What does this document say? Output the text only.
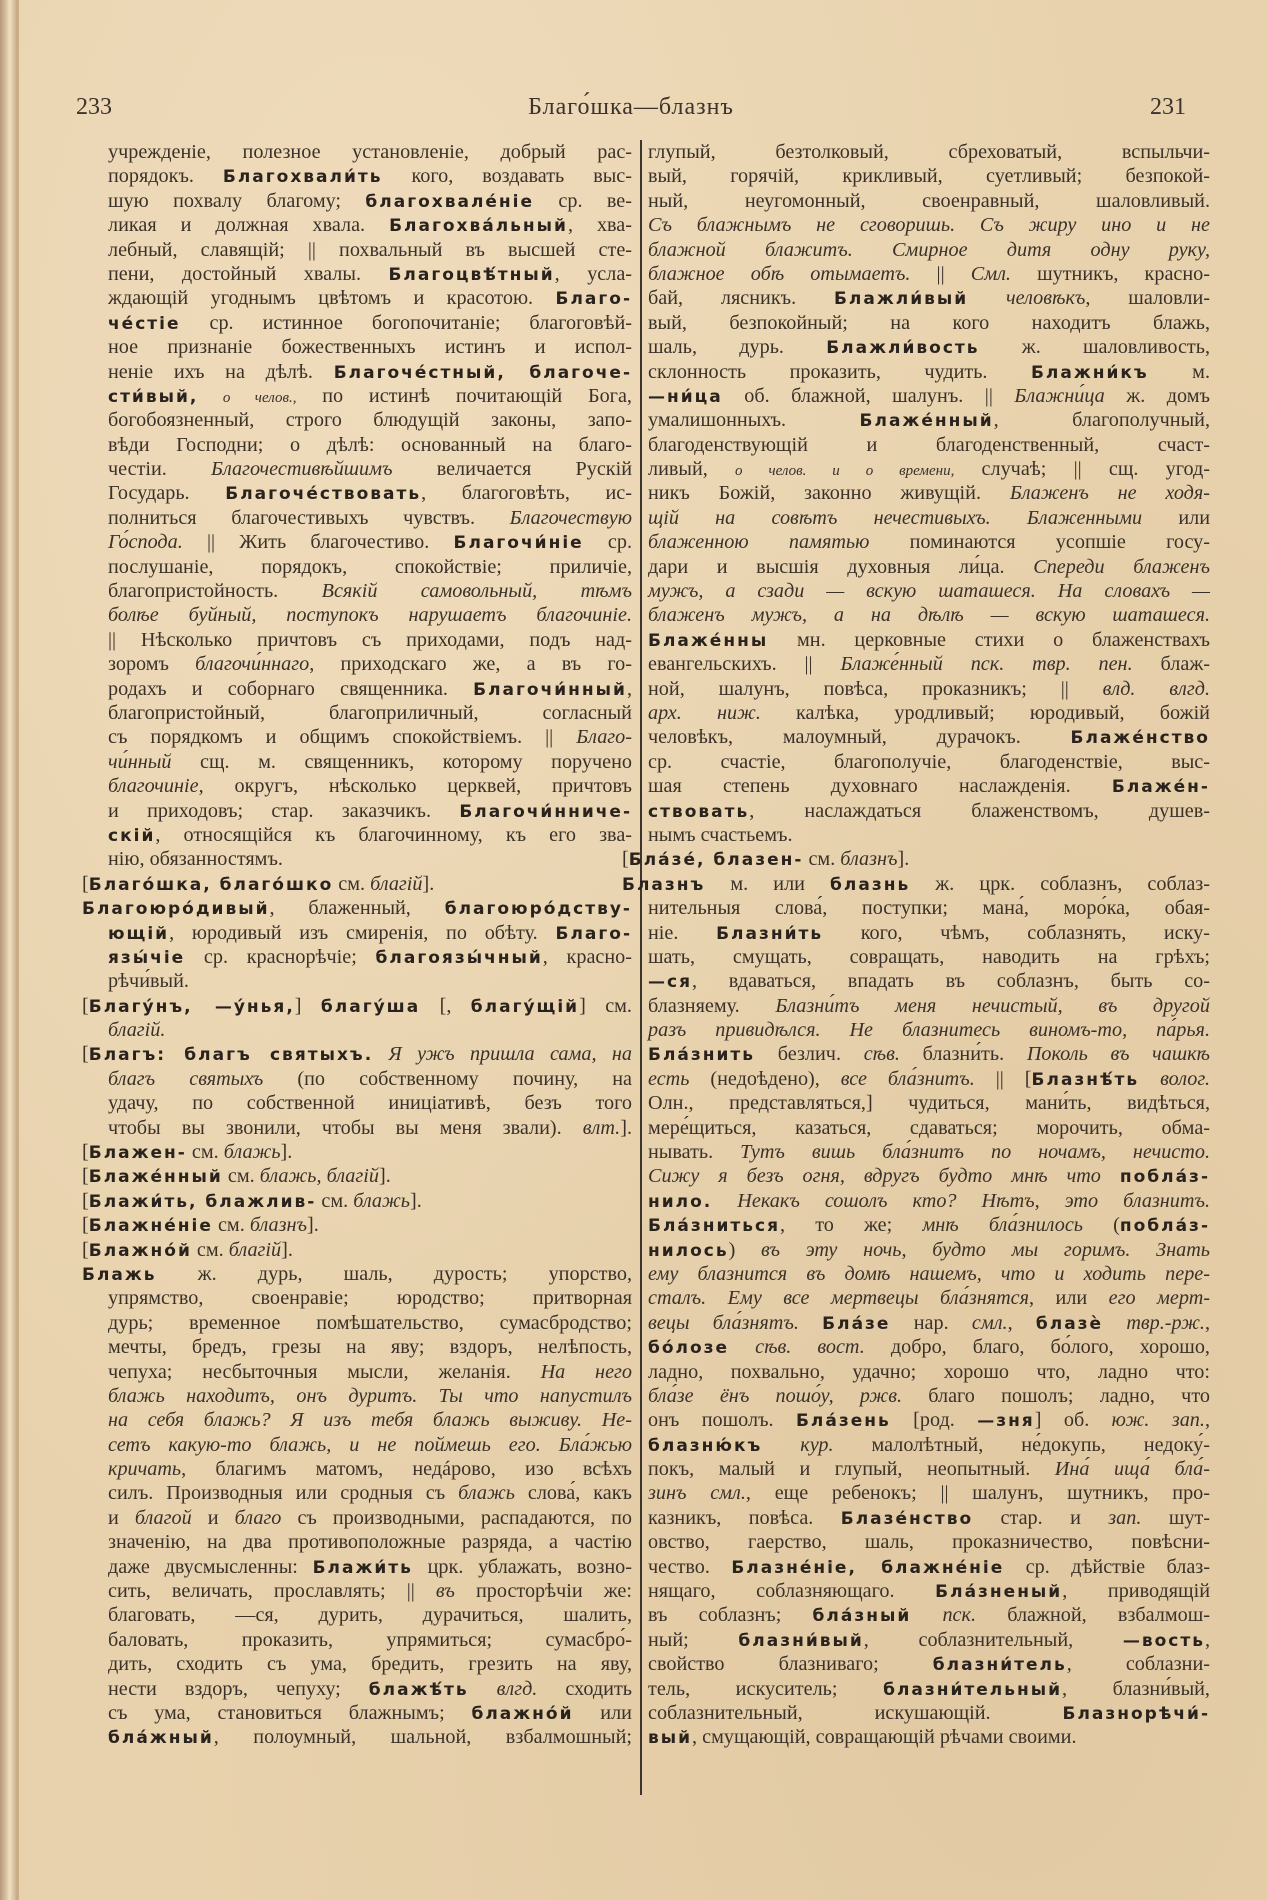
233	Благо́шка—блазнъ	231
учрежденіе, полезное установленіе, добрый рас-
порядокъ. Благохвали́ть кого, воздавать выс-
шую похвалу благому; благохвале́ніе ср. ве-
ликая и должная хвала. Благохва́льный, хва-
лебный, славящій; || похвальный въ высшей сте-
пени, достойный хвалы. Благоцвѣ́тный, усла-
ждающій угоднымъ цвѣтомъ и красотою. Благо-
че́стіе ср. истинное богопочитаніе; благоговѣй-
ное признаніе божественныхъ истинъ и испол-
неніе ихъ на дѣлѣ. Благоче́стный, благоче-
сти́вый, о челов., по истинѣ почитающій Бога,
богобоязненный, строго блюдущій законы, запо-
вѣди Господни; о дѣлѣ: основанный на благо-
честіи. Благочестивѣйшимъ величается Рускій
Государь. Благоче́ствовать, благоговѣть, ис-
полниться благочестивыхъ чувствъ. Благочествую
Го́спода. || Жить благочестиво. Благочи́ніе ср.
послушаніе, порядокъ, спокойствіе; приличіе,
благопристойность. Всякій самовольный, тѣмъ
болѣе буйный, поступокъ нарушаетъ благочиніе.
|| Нѣсколько причтовъ съ приходами, подъ над-
зоромъ благочи́ннаго, приходскаго же, а въ го-
родахъ и соборнаго священника. Благочи́нный,
благопристойный, благоприличный, согласный
съ порядкомъ и общимъ спокойствіемъ. || Благо-
чи́нный сщ. м. священникъ, которому поручено
благочиніе, округъ, нѣсколько церквей, причтовъ
и приходовъ; стар. заказчикъ. Благочи́нниче-
скій, относящійся къ благочинному, къ его зва-
нію, обязанностямъ.
[Благо́шка, благо́шко см. благій].
Благоюро́дивый, блаженный, благоюро́дству-
ющій, юродивый изъ смиренія, по обѣту. Благо-
язы́чіе ср. краснорѣчіе; благоязы́чный, красно-
рѣчи́вый.
[Благу́нъ, —у́нья,] благу́ша [, благу́щій] см.
благій.
[Благъ: благъ святыхъ. Я ужъ пришла сама, на
благъ святыхъ (по собственному почину, на
удачу, по собственной иниціативѣ, безъ того
чтобы вы звонили, чтобы вы меня звали). влт.].
[Блажен- см. блажь].
[Блаже́нный см. блажь, благій].
[Блажи́ть, блажлив- см. блажь].
[Блажне́ніе см. блазнъ].
[Блажно́й см. благій].
Блажь ж. дурь, шаль, дурость; упорство,
упрямство, своенравіе; юродство; притворная
дурь; временное помѣшательство, сумасбродство;
мечты, бредъ, грезы на яву; вздоръ, нелѣпость,
чепуха; несбыточныя мысли, желанія. На него
блажь находитъ, онъ дуритъ. Ты что напустилъ
на себя блажь? Я изъ тебя блажь выживу. Не-
сетъ какую-то блажь, и не поймешь его. Бла́жью
кричать, благимъ матомъ, недáрово, изо всѣхъ
силъ. Производныя или сродныя съ блажь слова́, какъ
и благой и благо съ производными, распадаются, по
значенію, на два противоположные разряда, а частію
даже двусмысленны: Блажи́ть црк. ублажать, возно-
сить, величать, прославлять; || въ просторѣчіи же:
благовать, —ся, дурить, дурачиться, шалить,
баловать, проказить, упрямиться; сумасбро́-
дить, сходить съ ума, бредить, грезить на яву,
нести вздоръ, чепуху; блажѣ́ть влгд. сходить
съ ума, становиться блажнымъ; блажно́й или
бла́жный, полоумный, шальной, взбалмошный;
глупый, безтолковый, сбреховатый, вспыльчи-
вый, горячій, крикливый, суетливый; безпокой-
ный, неугомонный, своенравный, шаловливый.
Съ блажнымъ не сговоришь. Съ жиру ино и не
блажной блажитъ. Смирное дитя одну руку,
блажное обѣ отымаетъ. || Смл. шутникъ, красно-
бай, лясникъ. Блажли́вый человѣкъ, шаловли-
вый, безпокойный; на кого находитъ блажь,
шаль, дурь. Блажли́вость ж. шаловливость,
склонность проказить, чудить. Блажни́къ м.
—ни́ца об. блажной, шалунъ. || Блажни́ца ж. домъ
умалишонныхъ. Блаже́нный, благополучный,
благоденствующій и благоденственный, счаст-
ливый, о челов. и о времени, случаѣ; || сщ. угод-
никъ Божій, законно живущій. Блаженъ не ходя-
щій на совѣтъ нечестивыхъ. Блаженными или
блаженною памятью поминаются усопшіе госу-
дари и высшія духовныя ли́ца. Спереди блаженъ
мужъ, а сзади — вскую шаташеся. На словахъ —
блаженъ мужъ, а на дѣлѣ — вскую шаташеся.
Блаже́нны мн. церковные стихи о блаженствахъ
евангельскихъ. || Блаже́нный пск. твр. пен. блаж-
ной, шалунъ, повѣса, проказникъ; || влд. влгд.
арх. ниж. калѣка, уродливый; юродивый, божій
человѣкъ, малоумный, дурачокъ. Блаже́нство
ср. счастіе, благополучіе, благоденствіе, выс-
шая степень духовнаго наслажденія. Блаже́н-
ствовать, наслаждаться блаженствомъ, душев-
нымъ счастьемъ.
[Бла́зе́, блазен- см. блазнъ].
Блазнъ м. или блазнь ж. црк. соблазнъ, соблаз-
нительныя слова́, поступки; мана́, моро́ка, обая-
ніе. Блазни́ть кого, чѣмъ, соблазнять, иску-
шать, смущать, совращать, наводить на грѣхъ;
—ся, вдаваться, впадать въ соблазнъ, быть со-
блазняему. Блазни́тъ меня нечистый, въ другой
разъ привидѣлся. Не блазнитесь виномъ-то, па́рья.
Бла́знить безлич. сѣв. блазни́ть. Поколь въ чашкѣ
есть (недоѣдено), все бла́знитъ. || [Блазнѣ́ть волог.
Олн., представляться,] чудиться, мани́ть, видѣться,
мере́щиться, казаться, сдаваться; морочить, обма-
нывать. Тутъ вишь бла́знитъ по ночамъ, нечисто.
Сижу я безъ огня, вдругъ будто мнѣ что побла́з-
нило. Некакъ сошолъ кто? Нѣтъ, это блазнитъ.
Бла́зниться, то же; мнѣ бла́знилось (побла́з-
нилось) въ эту ночь, будто мы горимъ. Знать
ему блазнится въ домѣ нашемъ, что и ходить пере-
сталъ. Ему все мертвецы бла́знятся, или его мерт-
вецы бла́знятъ. Бла́зе нар. смл., блазѐ твр.-рж.,
бо́лозе сѣв. вост. добро, благо, бо́лого, хорошо,
ладно, похвально, удачно; хорошо что, ладно что:
бла́зе ёнъ пошо́у, ржв. благо пошолъ; ладно, что
онъ пошолъ. Бла́зень [род. —зня] об. юж. зап.,
блазню́къ кур. малолѣтный, не́докупь, недоку́-
покъ, малый и глупый, неопытный. Ина́ ища́ бла́-
зинъ смл., еще ребенокъ; || шалунъ, шутникъ, про-
казникъ, повѣса. Блазе́нство стар. и зап. шут-
овство, гаерство, шаль, проказничество, повѣсни-
чество. Блазне́ніе, блажне́ніе ср. дѣйствіе блаз-
нящаго, соблазняющаго. Бла́зненый, приводящій
въ соблазнъ; бла́зный пск. блажной, взбалмош-
ный; блазни́вый, соблазнительный, —вость,
свойство блазниваго; блазни́тель, соблазни-
тель, искуситель; блазни́тельный, блазни́вый,
соблазнительный, искушающій. Блазнорѣчи́-
вый, смущающій, совращающій рѣчами своими.
